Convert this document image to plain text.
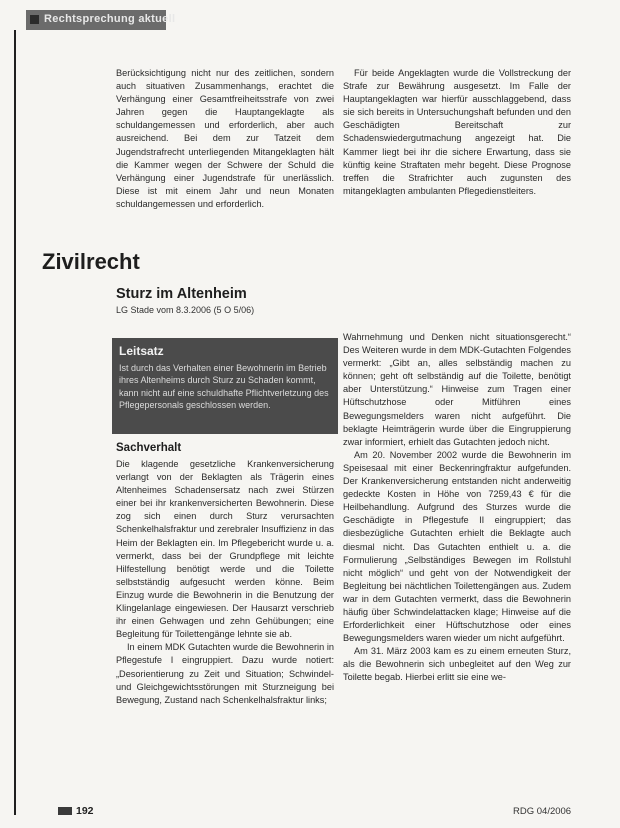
Rechtsprechung aktuell

Berücksichtigung nicht nur des zeitlichen, sondern auch situativen Zusammenhangs, erachtet die Verhängung einer Gesamtfreiheitsstrafe von zwei Jahren gegen die Hauptangeklagte als schuldangemessen und erforderlich, aber auch ausreichend. Bei dem zur Tatzeit dem Jugendstrafrecht unterliegenden Mitangeklagten hält die Kammer wegen der Schwere der Schuld die Verhängung einer Jugendstrafe für unerlässlich. Diese ist mit einem Jahr und neun Monaten schuldangemessen und erforderlich.

Für beide Angeklagten wurde die Vollstreckung der Strafe zur Bewährung ausgesetzt. Im Falle der Hauptangeklagten war hierfür ausschlaggebend, dass sie sich bereits in Untersuchungshaft befunden und den Geschädigten Bereitschaft zur Schadenswiedergutmachung angezeigt hat. Die Kammer liegt bei ihr die sichere Erwartung, dass sie künftig keine Straftaten mehr begeht. Diese Prognose treffen die Strafrichter auch zugunsten des mitangeklagten ambulanten Pflegedienstleiters.

Zivilrecht
Sturz im Altenheim
LG Stade vom 8.3.2006 (5 O 5/06)
Leitsatz
Ist durch das Verhalten einer Bewohnerin im Betrieb ihres Altenheims durch Sturz zu Schaden kommt, kann nicht auf eine schuldhafte Pflichtverletzung des Pflegepersonals geschlossen werden.
Sachverhalt

Die klagende gesetzliche Krankenversicherung verlangt von der Beklagten als Trägerin eines Altenheimes Schadensersatz nach zwei Stürzen einer bei ihr krankenversicherten Bewohnerin. Diese zog sich einen durch Sturz verursachten Schenkelhalsfraktur und zerebraler Insuffizienz in das Heim der Beklagten ein. Im Pflegebericht wurde u. a. vermerkt, dass bei der Grundpflege mit leichte Hilfestellung benötigt werde und die Toilette selbstständig aufgesucht werden könne. Beim Einzug wurde die Bewohnerin in die Benutzung der Klingelanlage eingewiesen. Der Hausarzt verschrieb ihr einen Gehwagen und zehn Gehübungen; eine Begleitung für Toilettengänge lehnte sie ab.

In einem MDK Gutachten wurde die Bewohnerin in Pflegestufe I eingruppiert. Dazu wurde notiert: „Desorientierung zu Zeit und Situation; Schwindel- und Gleichgewichtsstörungen mit Sturzneigung bei Bewegung, Zustand nach Schenkelhalsfraktur links;

Wahrnehmung und Denken nicht situationsgerecht.“ Des Weiteren wurde in dem MDK-Gutachten Folgendes vermerkt: „Gibt an, alles selbständig machen zu können; geht oft selbständig auf die Toilette, benötigt aber Unterstützung.“ Hinweise zum Tragen einer Hüftschutzhose oder Mitführen eines Bewegungsmelders waren nicht aufgeführt. Die beklagte Heimträgerin wurde über die Eingruppierung zwar informiert, erhielt das Gutachten jedoch nicht.

Am 20. November 2002 wurde die Bewohnerin im Speisesaal mit einer Beckenringfraktur aufgefunden. Der Krankenversicherung entstanden nicht anderweitig gedeckte Kosten in Höhe von 7259,43 € für die Heilbehandlung. Aufgrund des Sturzes wurde die Geschädigte in Pflegestufe II eingruppiert; das diesbezügliche Gutachten erhielt die Beklagte auch diesmal nicht. Das Gutachten enthielt u. a. die Formulierung „Selbständiges Bewegen im Rollstuhl nicht möglich“ und geht von der Notwendigkeit der Begleitung bei nächtlichen Toilettengängen aus. Zudem war in dem Gutachten vermerkt, dass die Bewohnerin häufig über Schwindelattacken klage; Hinweise auf die Erforderlichkeit einer Hüftschutzhose oder eines Bewegungsmelders waren wieder um nicht aufgeführt.

Am 31. März 2003 kam es zu einem erneuten Sturz, als die Bewohnerin sich unbegleitet auf den Weg zur Toilette begab. Hierbei erlitt sie eine we-

192	RDG 04/2006
